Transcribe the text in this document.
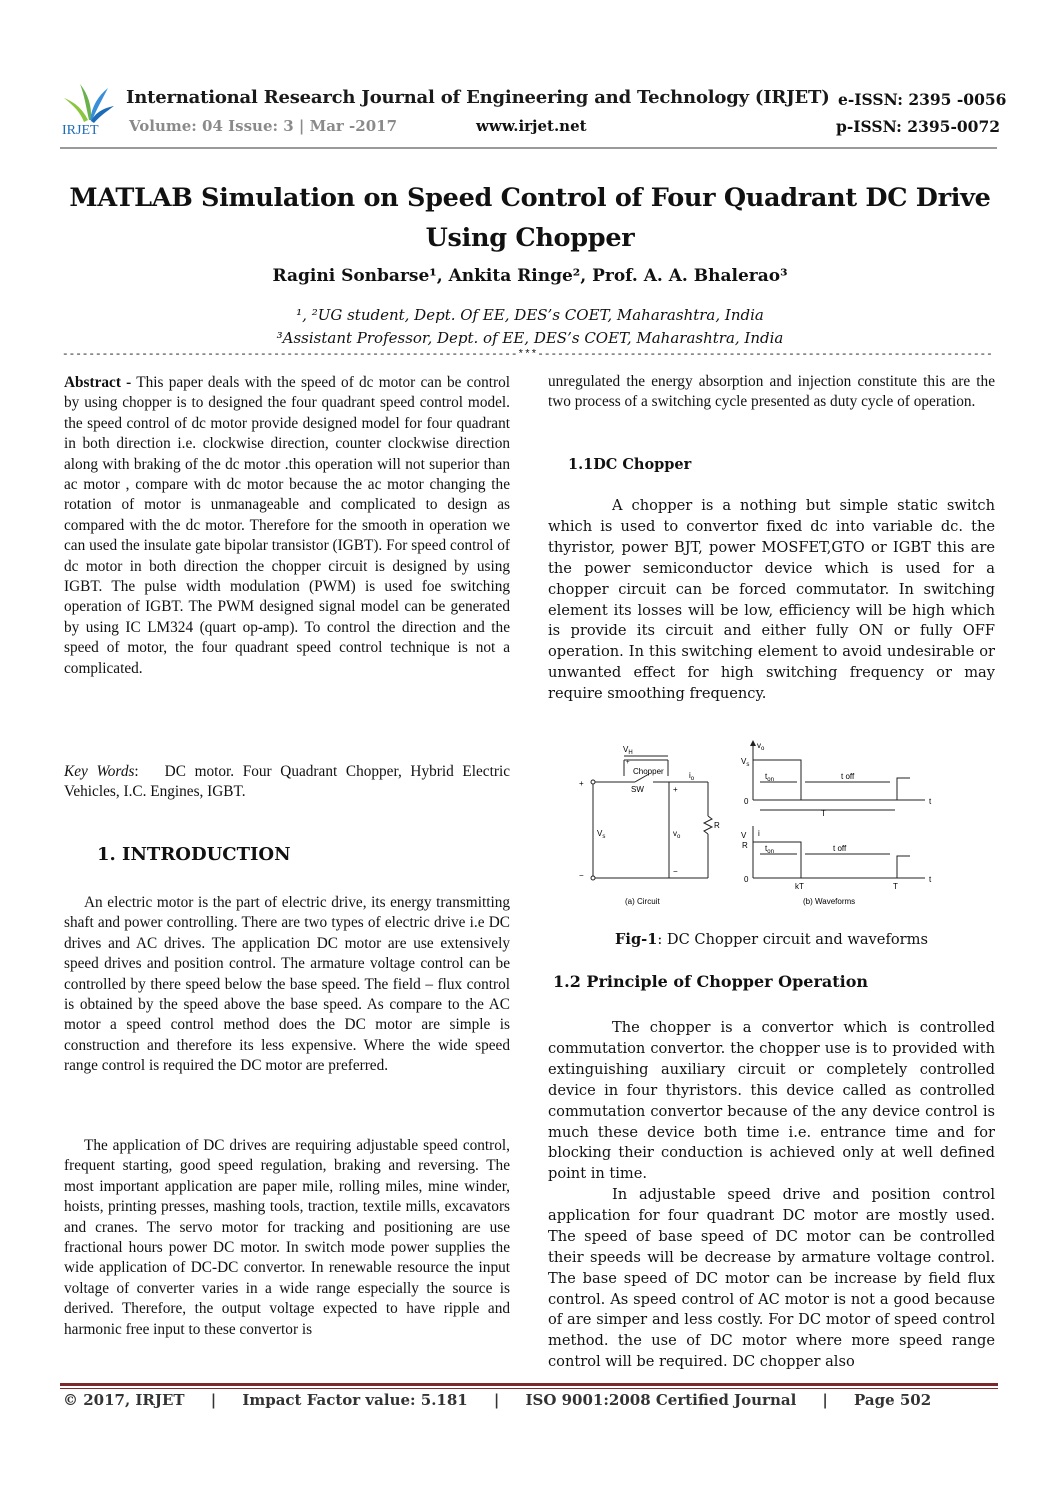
IRJET
International Research Journal of Engineering and Technology (IRJET) e-ISSN: 2395 -0056
Volume: 04 Issue: 3 | Mar -2017	www.irjet.net	p-ISSN: 2395-0072
MATLAB Simulation on Speed Control of Four Quadrant DC Drive Using Chopper
Ragini Sonbarse¹, Ankita Ringe², Prof. A. A. Bhalerao³
¹, ²UG student, Dept. Of EE, DES’s COET, Maharashtra, India
³Assistant Professor, Dept. of EE, DES’s COET, Maharashtra, India
---------------------------------------------------------------------***---------------------------------------------------------------------

Abstract - This paper deals with the speed of dc motor can be control by using chopper is to designed the four quadrant speed control model. the speed control of dc motor provide designed model for four quadrant in both direction i.e. clockwise direction, counter clockwise direction along with braking of the dc motor .this operation will not superior than ac motor , compare with dc motor because the ac motor changing the rotation of motor is unmanageable and complicated to design as compared with the dc motor. Therefore for the smooth in operation we can used the insulate gate bipolar transistor (IGBT). For speed control of dc motor in both direction the chopper circuit is designed by using IGBT. The pulse width modulation (PWM) is used foe switching operation of IGBT. The PWM designed signal model can be generated by using IC LM324 (quart op-amp). To control the direction and the speed of motor, the four quadrant speed control technique is not a complicated.

Key Words:   DC motor. Four Quadrant Chopper, Hybrid Electric Vehicles, I.C. Engines, IGBT.

1. INTRODUCTION
An electric motor is the part of electric drive, its energy transmitting shaft and power controlling. There are two types of electric drive i.e DC drives and AC drives. The application DC motor are use extensively speed drives and position control. The armature voltage control can be controlled by there speed below the base speed. The field – flux control is obtained by the speed above the base speed. As compare to the AC motor a speed control method does the DC motor are simple is construction and therefore its less expensive. Where the wide speed range control is required the DC motor are preferred.
The application of DC drives are requiring adjustable speed control, frequent starting, good speed regulation, braking and reversing. The most important application are paper mile, rolling miles, mine winder, hoists, printing presses, mashing tools, traction, textile mills, excavators and cranes. The servo motor for tracking and positioning are use fractional hours power DC motor. In switch mode power supplies the wide application of DC-DC convertor. In renewable resource the input voltage of converter varies in a wide range especially the source is derived. Therefore, the output voltage expected to have ripple and harmonic free input to these convertor is
unregulated the energy absorption and injection constitute this are the two process of a switching cycle presented as duty cycle of operation.
1.1DC Chopper
A chopper is a nothing but simple static switch which is used to convertor fixed dc into variable dc. the thyristor, power BJT, power MOSFET,GTO or IGBT this are the power semiconductor device which is used for a chopper circuit can be forced commutator. In switching element its losses will be low, efficiency will be high which is provide its circuit and either fully ON or fully OFF operation. In this switching element to avoid undesirable or unwanted effect for high switching frequency or may require smoothing frequency.
$V_H$
+
Chopper
SW
$i_o$
+
−
+
−
$V_s$	$v_o$
R
(a) Circuit
$v_o$
$V_s$
0	t
$t_{on}$	t off
T
i
V
R
0	t
$t_{on}$	t off
kT	T
(b) Waveforms
Fig-1: DC Chopper circuit and waveforms
1.2 Principle of Chopper Operation
The chopper is a convertor which is controlled commutation convertor. the chopper use is to provided with extinguishing auxiliary circuit or completely controlled device in four thyristors. this device called as controlled commutation convertor because of the any device control is much these device both time i.e. entrance time and for blocking their conduction is achieved only at well defined point in time.
In adjustable speed drive and position control application for four quadrant DC motor are mostly used. The speed of base speed of DC motor can be controlled their speeds will be decrease by armature voltage control. The base speed of DC motor can be increase by field flux control. As speed control of AC motor is not a good because of are simper and less costly. For DC motor of speed control method. the use of DC motor where more speed range control will be required. DC chopper also
© 2017, IRJET | Impact Factor value: 5.181 | ISO 9001:2008 Certified Journal | Page 502
